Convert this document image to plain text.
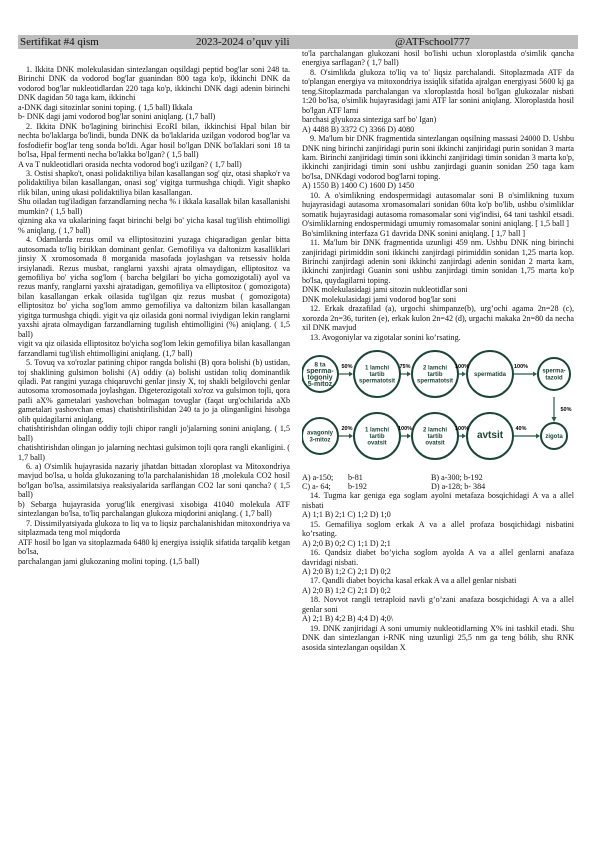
Sertifikat #4 qism	2023-2024 o’quv yili	@ATFschool777

1. Ikkita DNK molekulasidan sintezlangan oqsildagi peptid bog'lar soni 248 ta. Birinchi DNK da vodorod bog'lar guanindan 800 taga ko'p, ikkinchi DNK da vodorod bog'lar nukleotidlardan 220 taga ko'p, ikkinchi DNK dagi adenin birinchi DNK dagidan 50 taga kam, ikkinchi

a-DNK dagi sitozinlar sonini toping. ( 1,5 ball) Ikkala

b- DNK dagi jami vodorod bog'lar sonini aniqlang. (1,7 ball)

2. Ikkita DNK bo'lagining birinchisi EcoRI bilan, ikkinchisi Hpal bilan bir nechta bo'laklarga bo'lindi, bunda DNK da bo'laklarida uzilgan vodorod bog'lar va fosfodiefir bog'lar teng sonda bo'ldi. Agar hosil bo'lgan DNK bo'laklari soni 18 ta bo'lsa, Hpal fermenti necha bo'lakka bo'lgan? ( 1,5 ball)

A va T nukleotidlari orasida nechta vodorod bog'i uzilgan? ( 1,7 ball)

3. Ostisi shapko't, onasi polidaktiliya bilan kasallangan sog' qiz, otasi shapko'r va polidaktiliya bilan kasallangan, onasi sog' vigitga turmushga chiqdi. Yigit shapko rlik bilan, uning ukasi polidaktiliya bilan kasallangan.

Shu oiladan tug'iladigan farzandlarning necha % i ikkala kasallak bilan kasallanishi mumkin? ( 1,5 ball)

qizning aka va ukalarining faqat birinchi belgi bo' yicha kasal tug'ilish ehtimolligi % aniqlang. ( 1,7 ball)

4. Odamlarda rezus omil va elliptositozini yuzaga chiqaradigan genlar bitta autosomada to'liq birikkan dominant genlar. Gemofiliya va daltonizm kasalliklari jinsiy X xromosomada 8 morganida masofada joylashgan va retsessiv holda irsiylanadi. Rezus musbat, ranglarni yaxshi ajrata olmaydigan, elliptositoz va gemofiliya bo' yicha sog'lom ( barcha belgilari bo yicha gomozigotali) ayol va rezus manfy, ranglarni yaxshi ajratadigan, gemofiliya va elliptositoz ( gomozigota) bilan kasallangan erkak oilasida tug'ilgan qiz rezus musbat ( gomozigota) elliptositoz bo' yicha sog'lom ammo gemofiliya va daltonizm bilan kasallangan yigitga turmushga chiqdi. yigit va qiz oilasida goni normal iviydigan lekin ranglarni yaxshi ajrata olmaydigan farzandlarning tugılish ehtimolligini (%) aniqlang. ( 1,5 ball)

vigit va qiz oilasida elliptositoz bo'yicha sog'lom lekin gemofiliya bilan kasallangan farzandlarni tug'ilish ehtimolligini aniqlang. (1,7 ball)

5. Tovuq va xo'rozlar patining chipor rangda bolishi (B) qora bolishi (b) ustidan, toj shaklining gulsimon bolishi (A) oddiy (a) bolishi ustidan toliq dominantlik qiladi. Pat rangini yuzaga chiqaruvchi genlar jinsiy X, toj shakli belgilovchi genlar autosoma xromosomada joylashgan. Digeterozigotali xo'roz va gulsimon tojli, qora patli aX% gametalari yashovchan bolmagan tovuglar (faqat urg'ochilarida aXb gametalari yashovchan emas) chatishtirilishidan 240 ta jo ja olinganligini hisobga olib quidagilarni aniqlang.

chatishtirishdan olingan oddiy tojli chipor rangli jo'jalarning sonini aniqlang. ( 1,5 ball)

chatishtirishdan olingan jo jalarning nechtasi gulsimon tojli qora rangli ekanligini. ( 1,7 ball)

6. a) O'simlik hujayrasida nazariy jihatdan bittadan xloroplast va Mitoxondriya mavjud bo'lsa, u holda glukozaning to'la parchalanishidan 18 ,molekula CO2 hosil bo'lgan bo'lsa, assimilatsiya reaksiyalarida sarflangan CO2 lar soni qancha? ( 1,5 ball)

b) Sebarga hujayrasida yorug'lik energivasi xisobiga 41040 molekula ATF sintezlangan bo'lsa, to'liq parchalangan glukoza miqdorini aniqlang. ( 1,7 ball)

7. Dissimilyatsiyada glukoza to liq va to liqsiz parchalanishidan mitoxondriya va sitplazmada teng mol miqdorda

ATF hosil bo lgan va sitoplazmada 6480 kj energiya issiqlik sifatida tarqalib ketgan bo'lsa,

parchalangan jami glukozaning molini toping. (1,5 ball)

to'la parchalangan glukozani hosil bo'lishi uchun xloroplastda o'simlik qancha energiya sarflagan? ( 1,7 ball)

8. O'simlikda glukoza to'liq va to' liqsiz parchalandi. Sitoplazmada ATF da to'plangan energiya va mitoxondriya issiqlik sifatida ajralgan energiyasi 5600 kj ga teng.Sitoplazmada parchalangan va xloroplastda hosil bo'lgan glukozalar nisbati 1:20 bo'lsa, o'simlik hujayrasidagi jami ATF lar sonini aniqlang. Xloroplastda hosil bo'lgan ATF larni

barchasi glyukoza sinteziga sarf bo' Igan)

A) 4488 B) 3372 C) 3366 D) 4080

9. Ma'lum bir DNK fragmentida sintezlangan oqsilning massasi 24000 D. Ushbu DNK ning birinchi zanjiridagi purin soni ikkinchi zanjiridagi purin sonidan 3 marta kam. Birinchi zanjiridagi timin soni ikkinchi zanjiridagi timin sonidan 3 marta ko'p, ikkinchi zanjiridagi timin soni ushbu zanjirdagi guanin sonidan 250 taga kam bo'lsa, DNKdagi vodorod bog'larni toping.

A) 1550 B) 1400 C) 1600 D) 1450

10. A o'simlikning endospermidagi autasomalar soni B o'simlikning tuxum hujayrasidagi autasoma xromasomalari sonidan 60ta ko'p bo'lib, ushbu o'simliklar somatik hujayrasidagi autasoma romasomalar soni vig'indisi, 64 tani tashkil etsadi. O'simliklarning endospermidagi umumiy romasomalar sonini aniqlang. [ 1,5 ball ]

Bo'simlikning interfaza G1 davrida DNK sonini aniqlang. [ 1,7 ball ]

11. Ma'lum bir DNK fragmentida uzunligi 459 nm. Ushbu DNK ning birinchi zanjiridagi pirimiddin soni ikkinchi zanjirdagi pirimiddin sonidan 1,25 marta kop. Birinchi zanjirdagi adenin soni ikkinchi zanjirdagi adenin sonidan 2 marta kam, ikkinchi zanjirdagi Guanin soni ushbu zanjirdagi timin sonidan 1,75 marta ko'p bo'lsa, quydagilarni toping.

DNK molekulasidagi jami sitozin nukleotidlar soni

DNK molekulasidagi jami vodorod bog'lar soni

12. Erkak drazafilad (a), urgochi shimpanze(b), urg’ochi agama 2n=28 (c), xorozda 2n=36, turiten (e), erkak kulon 2n=42 (d), urgachi makaka 2n=80 da necha xil DNK mavjud

13. Avogoniylar va zigotalar sonini ko’rsating.

8 ta
sperma-
togoniy
5-mitoz
1 lamchi
tartib
spermatotsit
2 lamchi
tartib
spermatotsit
spermatida
sperma-
tazoid
50%	75%	100%	100%
avagoniy
3-mitoz
1 lamchi
tartib
ovatsit
2 lamchi
tartib
ovatsit
avtsit	zigota
20%	100%	100%	40%
50%
A) a-150;	b-81	B) a-300; b-192
C) a- 64;	b-192	D) a-128; b- 384

14. Tugma kar geniga ega soglam ayolni metafaza bosqichidagi A va a allel nisbati

A) 1;1 B) 2;1 C) 1;2 D) 1;0

15. Gemafiliya soglom erkak A va a allel profaza bosqichidagi nisbatini ko’rsating.

A) 2;0 B) 0;2 C) 1;1 D) 2;1

16. Qandsiz diabet bo’yicha soglom ayolda A va a allel genlarni anafaza davridagi nisbati.

A) 2;0 B) 1;2 C) 2;1 D) 0;2

17. Qandli diabet boyicha kasal erkak A va a allel genlar nisbati

A) 2;0 B) 1;2 C) 2;1 D) 0;2

18. Novvot rangli tetraploid navli g’o’zani anafaza bosqichidagi A va a allel genlar soni

A) 2;1 B) 4;2 B) 4;4 D) 4;0\

19. DNK zanjiridagi A soni umumiy nukleotidlarning X% ini tashkil etadi. Shu DNK dan sintezlangan i-RNK ning uzunligi 25,5 nm ga teng bólib, shu RNK asosida sintezlangan oqsildan X
